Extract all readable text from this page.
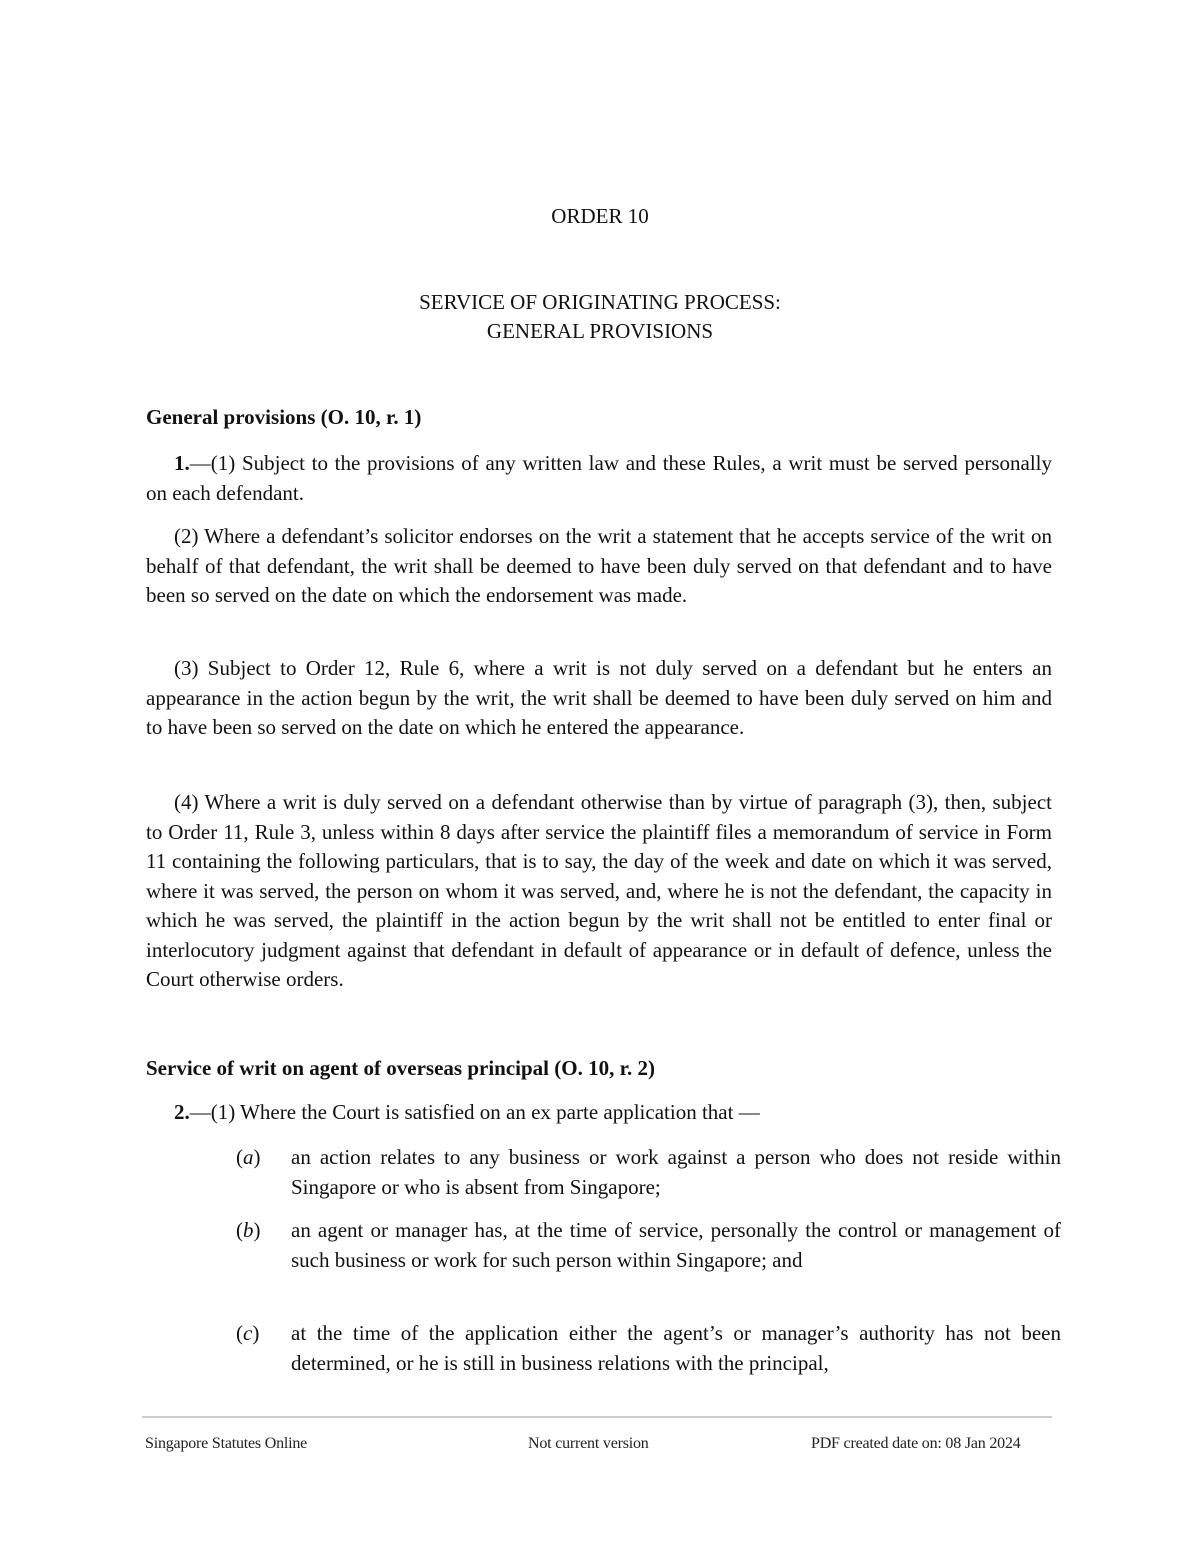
ORDER 10
SERVICE OF ORIGINATING PROCESS:
GENERAL PROVISIONS
General provisions (O. 10, r. 1)

1.—(1) Subject to the provisions of any written law and these Rules, a writ must be served personally on each defendant.

(2) Where a defendant’s solicitor endorses on the writ a statement that he accepts service of the writ on behalf of that defendant, the writ shall be deemed to have been duly served on that defendant and to have been so served on the date on which the endorsement was made.

(3) Subject to Order 12, Rule 6, where a writ is not duly served on a defendant but he enters an appearance in the action begun by the writ, the writ shall be deemed to have been duly served on him and to have been so served on the date on which he entered the appearance.

(4) Where a writ is duly served on a defendant otherwise than by virtue of paragraph (3), then, subject to Order 11, Rule 3, unless within 8 days after service the plaintiff files a memorandum of service in Form 11 containing the following particulars, that is to say, the day of the week and date on which it was served, where it was served, the person on whom it was served, and, where he is not the defendant, the capacity in which he was served, the plaintiff in the action begun by the writ shall not be entitled to enter final or interlocutory judgment against that defendant in default of appearance or in default of defence, unless the Court otherwise orders.

Service of writ on agent of overseas principal (O. 10, r. 2)

2.—(1) Where the Court is satisfied on an ex parte application that —

(a)	an action relates to any business or work against a person who does not reside within Singapore or who is absent from Singapore;
(b)	an agent or manager has, at the time of service, personally the control or management of such business or work for such person within Singapore; and
(c)	at the time of the application either the agent’s or manager’s authority has not been determined, or he is still in business relations with the principal,
Singapore Statutes Online	Not current version	PDF created date on: 08 Jan 2024
